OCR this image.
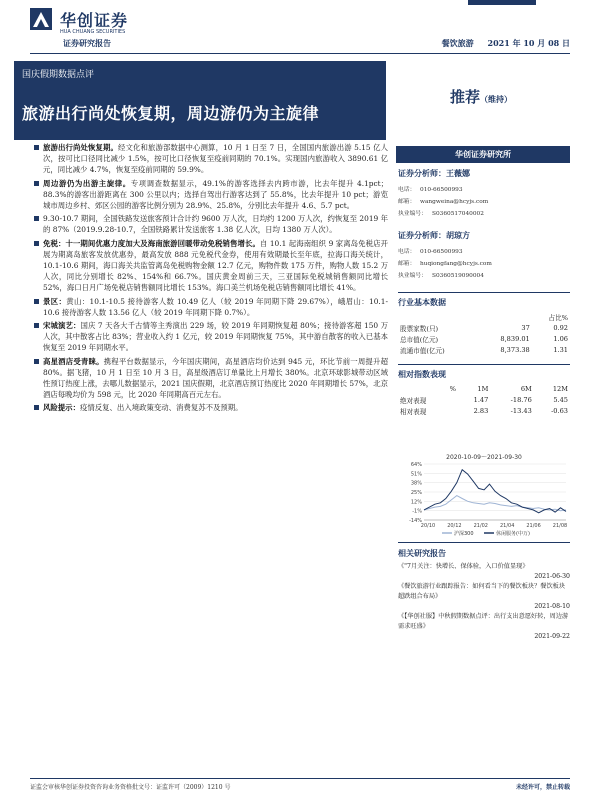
华创证券
HUA CHUANG SECURITIES
证券研究报告	餐饮旅游 2021 年 10 月 08 日
国庆假期数据点评
旅游出行尚处恢复期，周边游仍为主旋律
推荐（维持）
旅游出行尚处恢复期。经文化和旅游部数据中心测算，10 月 1 日至 7 日，全国国内旅游出游 5.15 亿人次，按可比口径同比减少 1.5%，按可比口径恢复至疫前同期的 70.1%。实现国内旅游收入 3890.61 亿元，同比减少 4.7%，恢复至疫前同期的 59.9%。
周边游仍为出游主旋律。专项调查数据显示，49.1%的游客选择去内跨市游，比去年提升 4.1pct；88.3%的游客出游距离在 300 公里以内；选择自驾出行游客达到了 55.8%，比去年提升 10 pct；游览城市周边乡村、郊区公园的游客比例分别为 28.9%、25.8%，分别比去年提升 4.6、5.7 pct。
9.30-10.7 期间，全国铁路发送旅客预计合计约 9600 万人次，日均约 1200 万人次，约恢复至 2019 年的 87%（2019.9.28-10.7，全国铁路累计发送旅客 1.38 亿人次，日均 1380 万人次）。
免税：十一期间优惠力度加大及海南旅游回暖带动免税销售增长。自 10.1 起海南组织 9 家离岛免税店开展为期离岛旅客发放优惠券，最高发放 888 元免税代金券，使用有效期最长至年底，拉海口海关统计，10.1-10.6 期间，海口海关共监管离岛免税购物金额 12.7 亿元，购物件数 175 万件，购物人数 15.2 万人次，同比分别增长 82%、154%和 66.7%。国庆黄金周前三天，三亚国际免税城销售额同比增长 52%，海口日月广场免税店销售额同比增长 153%。海口美兰机场免税店销售额同比增长 41%。
景区：黄山：10.1-10.5 接待游客人数 10.49 亿人（较 2019 年同期下降 29.67%），峨眉山：10.1-10.6 接待游客人数 13.56 亿人（较 2019 年同期下降 0.7%）。
宋城演艺：国庆 7 天各大千古情等主秀演出 229 场，较 2019 年同期恢复超 80%；接待游客超 150 万人次，其中散客占比 83%；营业收入约 1 亿元，较 2019 年同期恢复 75%，其中游自散客的收入已基本恢复至 2019 年同期水平。
高星酒店受青睐。携程平台数据显示，今年国庆期间，高星酒店均价达到 945 元，环比节前一周提升超 80%。据飞猪，10 月 1 日至 10 月 3 日，高星级酒店订单量比上月增长 380%。北京环球影城带动区域性预订热度上涨，去哪儿数据显示，2021 国庆假期，北京酒店预订热度比 2020 年同期增长 57%，北京酒店每晚均价为 598 元，比 2020 年同期高百元左右。
风险提示：疫情反复、出入境政策变动、消费复苏不及预期。
华创证券研究所
证券分析师：王薇娜
电话： 010-66500993
邮箱： wangweina@hcyjs.com
执业编号： S0360517040002
证券分析师：胡琼方
电话： 010-66500993
邮箱： huqiongfang@hcyjs.com
执业编号： S0360519090004
行业基本数据
		占比%
股票家数(只)	37	0.92
总市值(亿元)	8,839.01	1.06
流通市值(亿元)	8,373.38	1.31
相对指数表现
%	1M	6M	12M
绝对表现	1.47	-18.76	5.45
相对表现	2.83	-13.43	-0.63
2020-10-09～2021-09-30
64%
51%
38%
25%
12%
-1%
-14%
20/10 20/12 21/02 21/04 21/06 21/08
沪深300	休闲服务(中万)
相关研究报告
《"7月关注：快增长、保体验，入口价值显现》
2021-06-30
《餐饮旅游行业跟踪报告：如何看当下的餐饮板块？餐饮板块超跌组合布局》
2021-08-10
《【华创社服】中秋假期数据点评：出行支出意愿好转，周边游需求旺盛》
2021-09-22
证监会审核华创证券投资咨询业务资格批文号：证监许可（2009）1210 号	未经许可，禁止转载
